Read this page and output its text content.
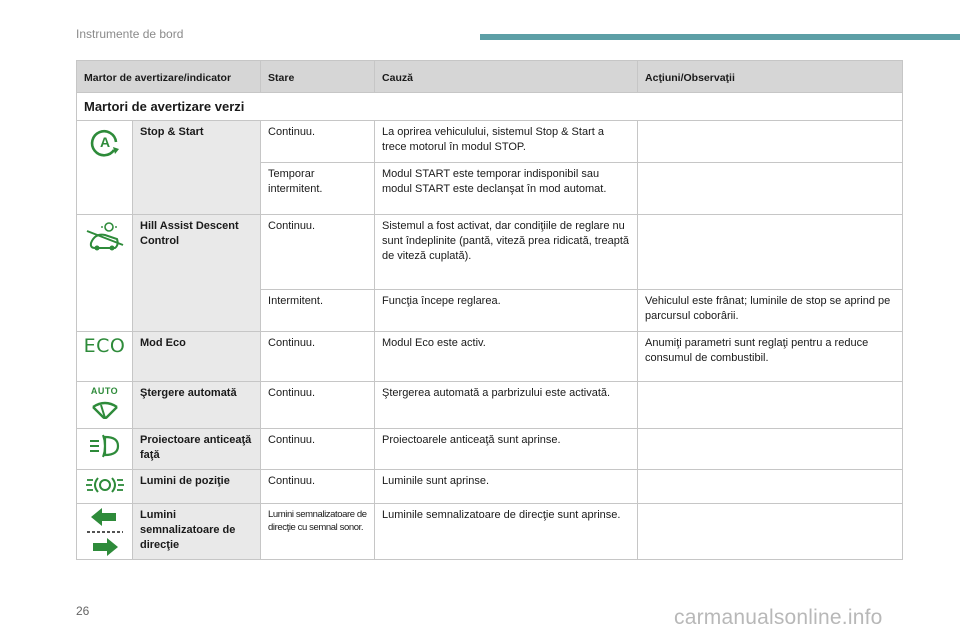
Instrumente de bord
Martor de avertizare/indicator		Stare	Cauză	Acţiuni/Observaţii
Martori de avertizare verzi				

A	Stop & Start	Continuu.	La oprirea vehiculului, sistemul Stop & Start a trece motorul în modul STOP.	
		Temporar intermitent.	Modul START este temporar indisponibil sau modul START este declanşat în mod automat.	

	Hill Assist Descent Control	Continuu.	Sistemul a fost activat, dar condiţiile de reglare nu sunt îndeplinite (pantă, viteză prea ridicată, treaptă de viteză cuplată).	
		Intermitent.	Funcţia începe reglarea.	Vehiculul este frânat; luminile de stop se aprind pe parcursul coborârii.

ECO	Mod Eco	Continuu.	Modul Eco este activ.	Anumiţi parametri sunt reglaţi pentru a reduce consumul de combustibil.

AUTO	Ştergere automată	Continuu.	Ştergerea automată a parbrizului este activată.	

	Proiectoare anticeaţă faţă	Continuu.	Proiectoarele anticeaţă sunt aprinse.	

	Lumini de poziţie	Continuu.	Luminile sunt aprinse.	

	Lumini semnalizatoare de direcţie	Lumini semnalizatoare de direcţie cu semnal sonor.	Luminile semnalizatoare de direcţie sunt aprinse.	
26	carmanualsonline.info
